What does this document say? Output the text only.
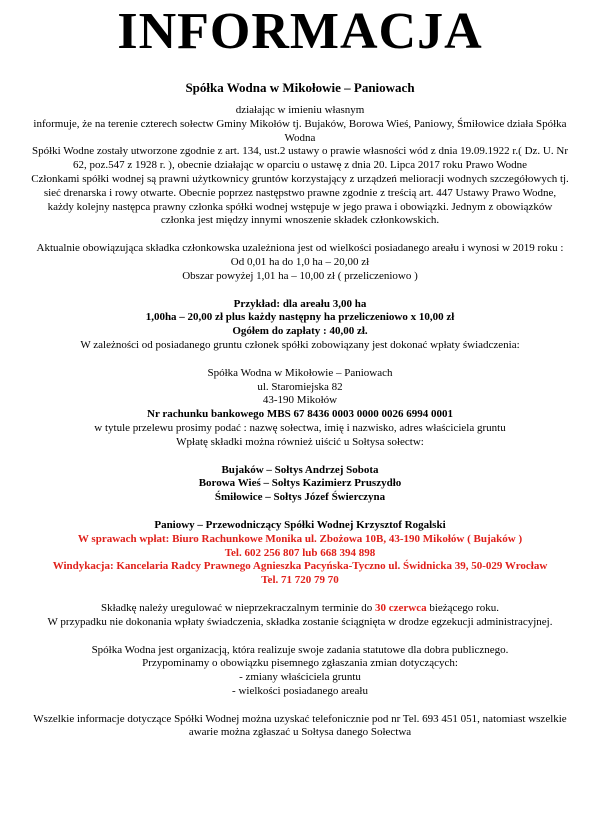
INFORMACJA
Spółka Wodna w Mikołowie – Paniowach
działając w imieniu własnym
informuje, że na terenie czterech sołectw Gminy Mikołów tj. Bujaków, Borowa Wieś, Paniowy, Śmiłowice działa Spółka
Wodna
Spółki Wodne zostały utworzone zgodnie z art. 134, ust.2 ustawy o prawie własności wód z dnia 19.09.1922 r.( Dz. U. Nr
62, poz.547 z 1928 r. ), obecnie działając w oparciu o ustawę z dnia 20. Lipca 2017 roku Prawo Wodne
Członkami spółki wodnej są prawni użytkownicy gruntów korzystający z urządzeń melioracji wodnych szczegółowych tj.
sieć drenarska i rowy otwarte. Obecnie poprzez następstwo prawne zgodnie z treścią art. 447 Ustawy Prawo Wodne,
każdy kolejny następca prawny członka spółki wodnej wstępuje w jego prawa i obowiązki. Jednym z obowiązków
członka jest między innymi wnoszenie składek członkowskich.
Aktualnie obowiązująca składka członkowska uzależniona jest od wielkości posiadanego areału i wynosi w 2019 roku :
Od 0,01 ha do 1,0 ha – 20,00 zł
Obszar powyżej 1,01 ha – 10,00 zł ( przeliczeniowo )
Przykład: dla areału 3,00 ha
1,00ha – 20,00 zł plus każdy następny ha przeliczeniowo x 10,00 zł
Ogółem do zapłaty : 40,00 zł.
W zależności od posiadanego gruntu członek spółki zobowiązany jest dokonać wpłaty świadczenia:
Spółka Wodna w Mikołowie – Paniowach
ul. Staromiejska 82
43-190 Mikołów
Nr rachunku bankowego MBS 67 8436 0003 0000 0026 6994 0001
w tytule przelewu prosimy podać : nazwę sołectwa, imię i nazwisko, adres właściciela gruntu
Wpłatę składki można również uiścić u Sołtysa sołectw:
Bujaków – Sołtys Andrzej Sobota
Borowa Wieś – Sołtys Kazimierz Pruszydło
Śmiłowice – Sołtys Józef Świerczyna
Paniowy – Przewodniczący Spółki Wodnej Krzysztof Rogalski
W sprawach wpłat: Biuro Rachunkowe Monika ul. Zbożowa 10B, 43-190 Mikołów ( Bujaków )
Tel. 602 256 807 lub 668 394 898
Windykacja: Kancelaria Radcy Prawnego Agnieszka Pacyńska-Tyczno ul. Świdnicka 39, 50-029 Wrocław
Tel. 71 720 79 70
Składkę należy uregulować w nieprzekraczalnym terminie do 30 czerwca bieżącego roku.
W przypadku nie dokonania wpłaty świadczenia, składka zostanie ściągnięta w drodze egzekucji administracyjnej.
Spółka Wodna jest organizacją, która realizuje swoje zadania statutowe dla dobra publicznego.
Przypominamy o obowiązku pisemnego zgłaszania zmian dotyczących:
- zmiany właściciela gruntu
- wielkości posiadanego areału
Wszelkie informacje dotyczące Spółki Wodnej można uzyskać telefonicznie pod nr Tel. 693 451 051, natomiast wszelkie
awarie można zgłaszać u Sołtysa danego Sołectwa
